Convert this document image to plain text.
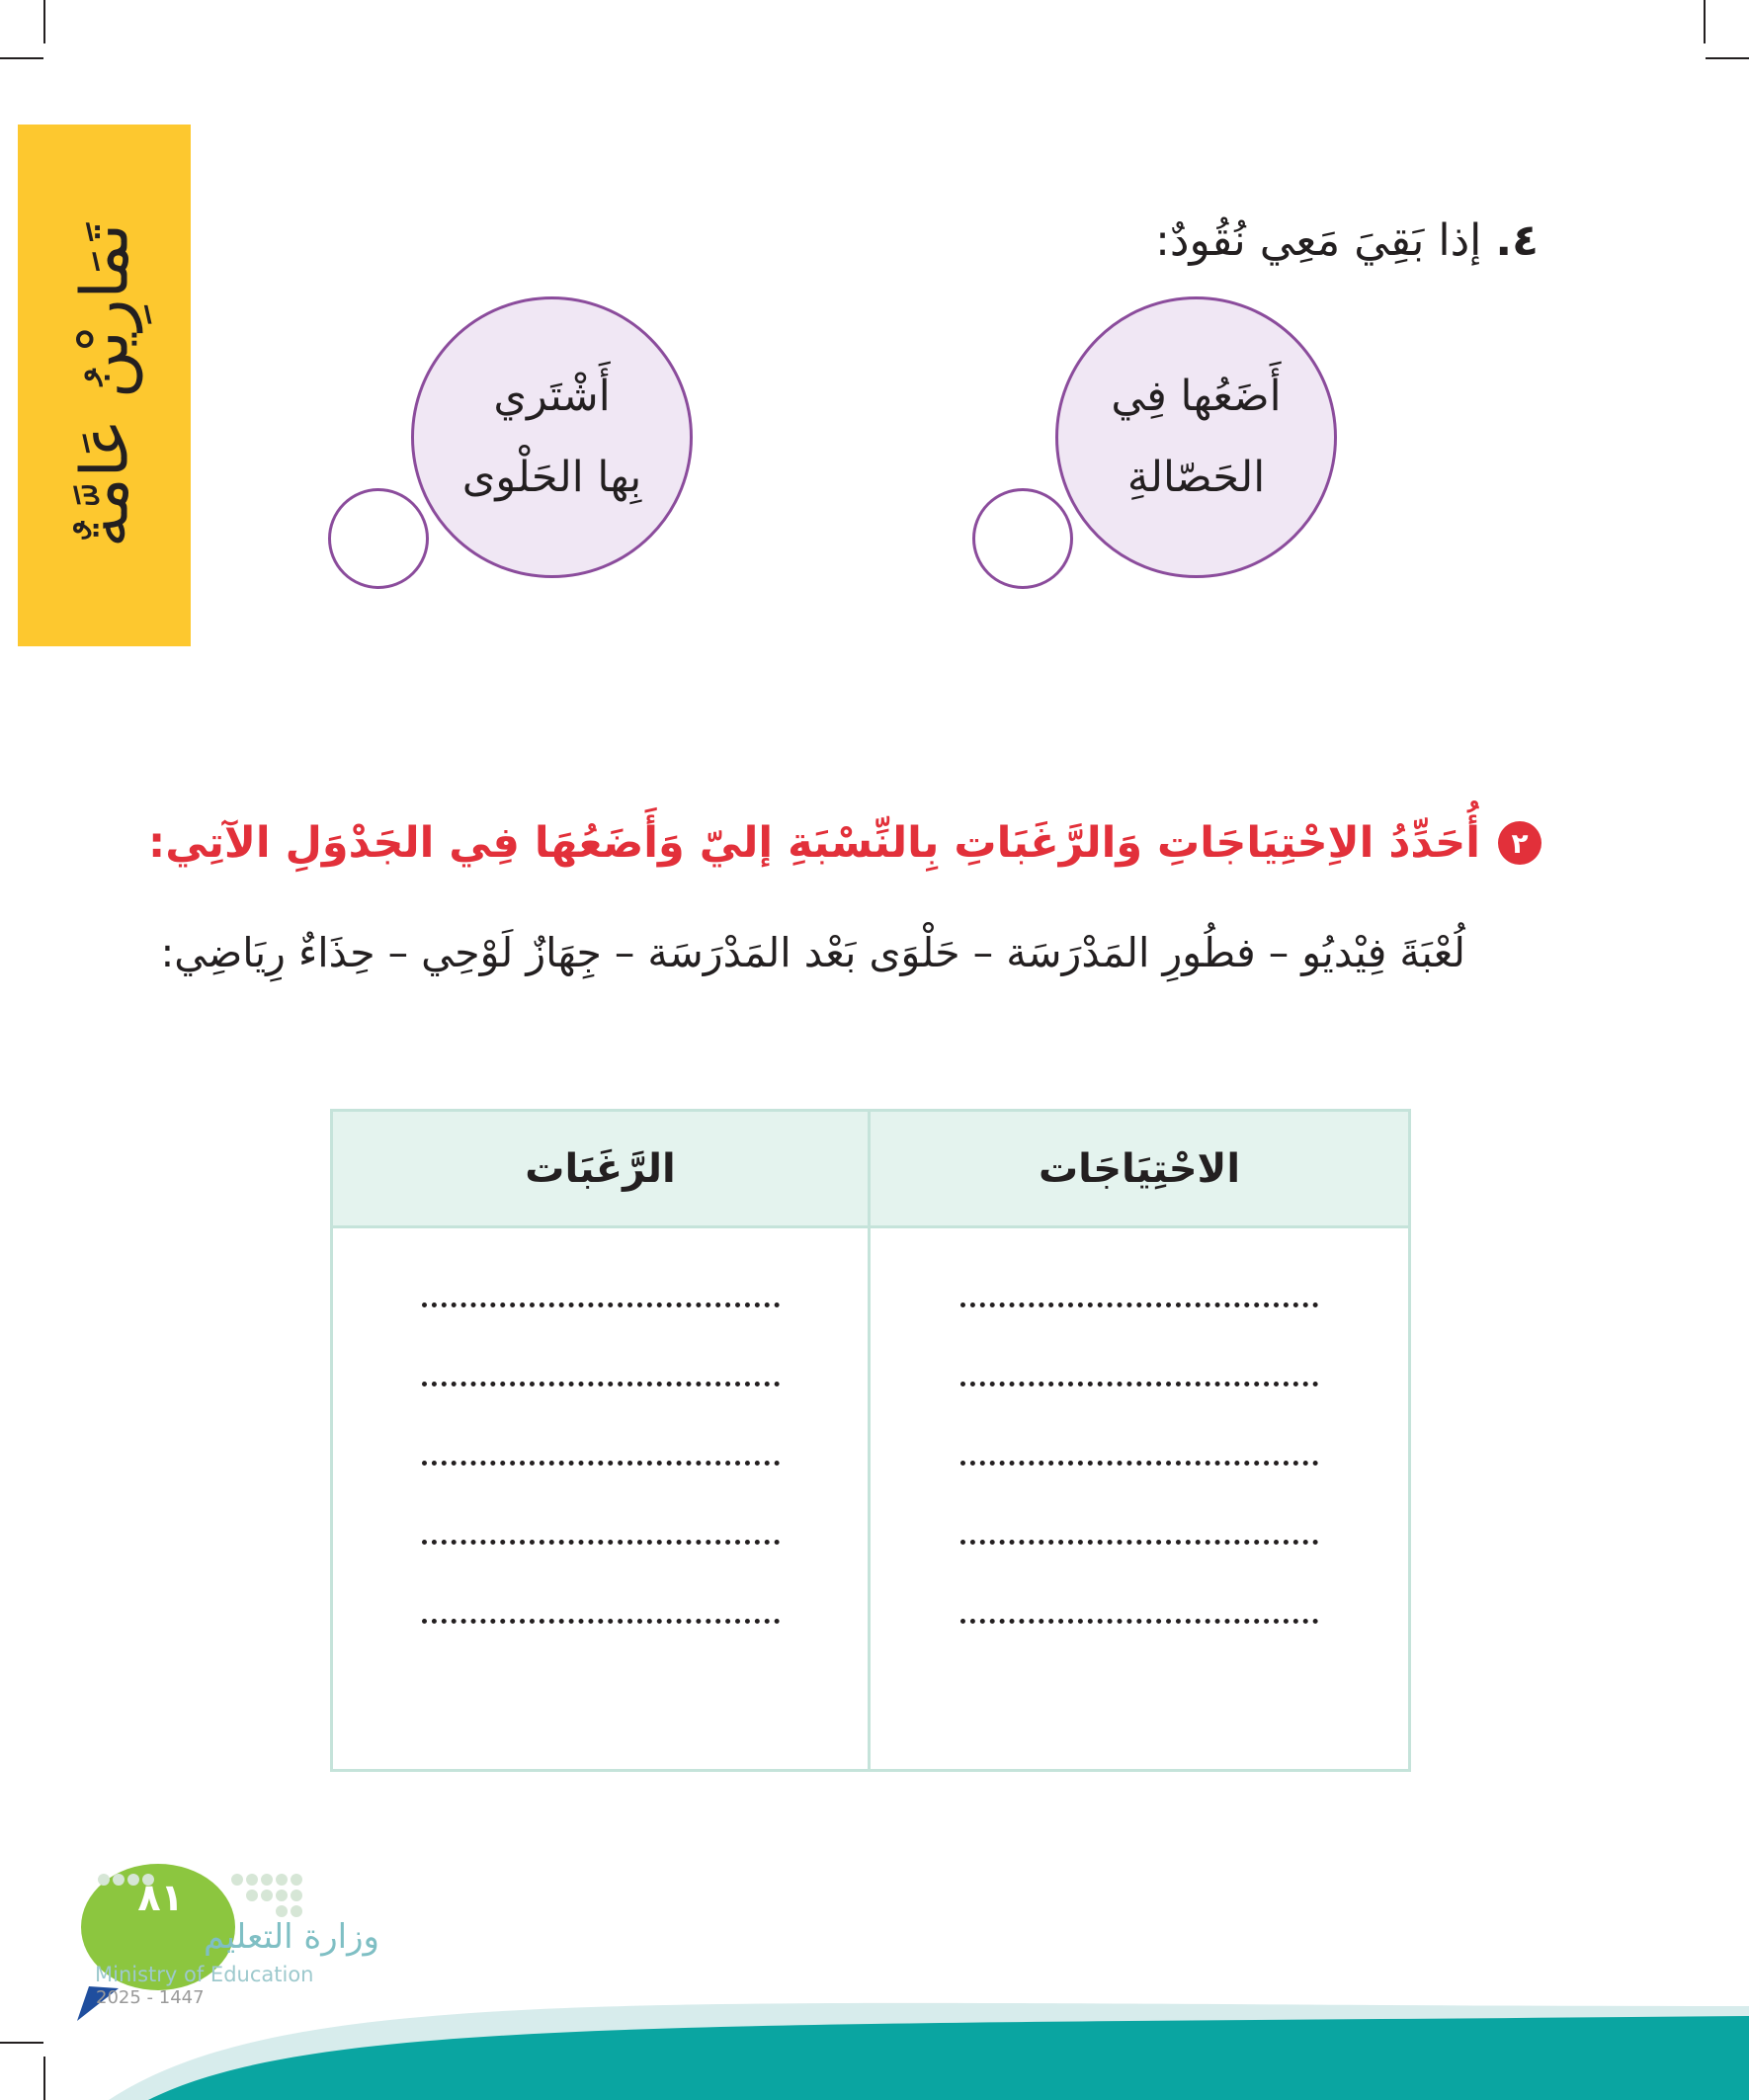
تَمَارِيْنُ عَامَّةٌ	٤. إذا بَقِيَ مَعِي نُقُودٌ:
أَضَعُها فِي
الحَصّالةِ
أَشْتَري
بِها الحَلْوى
٢
أُحَدِّدُ الاِحْتِيَاجَاتِ وَالرَّغَبَاتِ بِالنِّسْبَةِ إليّ وَأَضَعُهَا فِي الجَدْوَلِ الآتِي:
لُعْبَةَ فِيْديُو – فطُورِ المَدْرَسَة – حَلْوَى بَعْد المَدْرَسَة – جِهَازٌ لَوْحِي – حِذَاءٌ رِيَاضِي:
الاحْتِيَاجَات
الرَّغَبَات
٨١
وزارة التعليم
Ministry of Education
2025 - 1447
